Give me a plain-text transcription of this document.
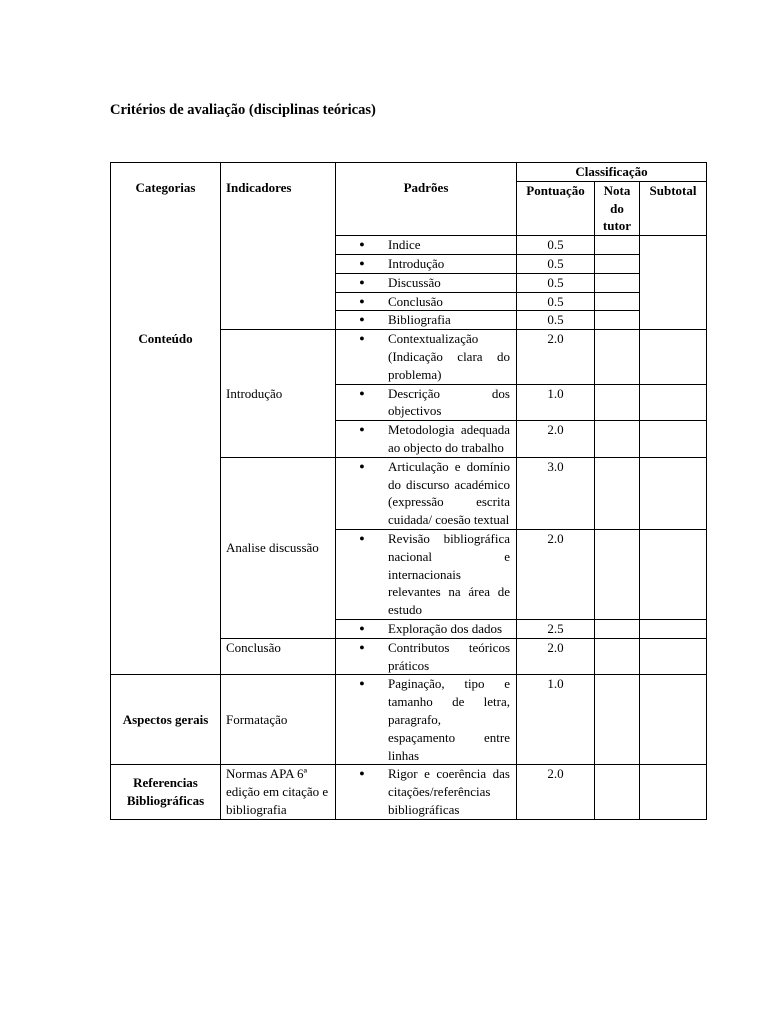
Critérios de avaliação (disciplinas teóricas)
Categorias	Indicadores	Padrões	Classificação		
			Pontuação	Nota do tutor	Subtotal

		● Indice	0.5		

		● Introdução	0.5		

		● Discussão	0.5		

		● Conclusão	0.5		

		● Bibliografia	0.5		
Conteúdo	Introdução	● Contextualização (Indicação clara do problema)	2.0		

		● Descrição dos objectivos	1.0		

		● Metodologia adequada ao objecto do trabalho	2.0		
	Analise discussão	● Articulação e domínio do discurso académico (expressão escrita cuidada/ coesão textual	3.0		

		● Revisão bibliográfica nacional e internacionais relevantes na área de estudo	2.0		

		● Exploração dos dados	2.5		
	Conclusão	● Contributos teóricos práticos	2.0		
Aspectos gerais	Formatação	● Paginação, tipo e tamanho de letra, paragrafo, espaçamento entre linhas	1.0		
Referencias Bibliográficas	Normas APA 6ª edição em citação e bibliografia	● Rigor e coerência das citações/referências bibliográficas	2.0		
